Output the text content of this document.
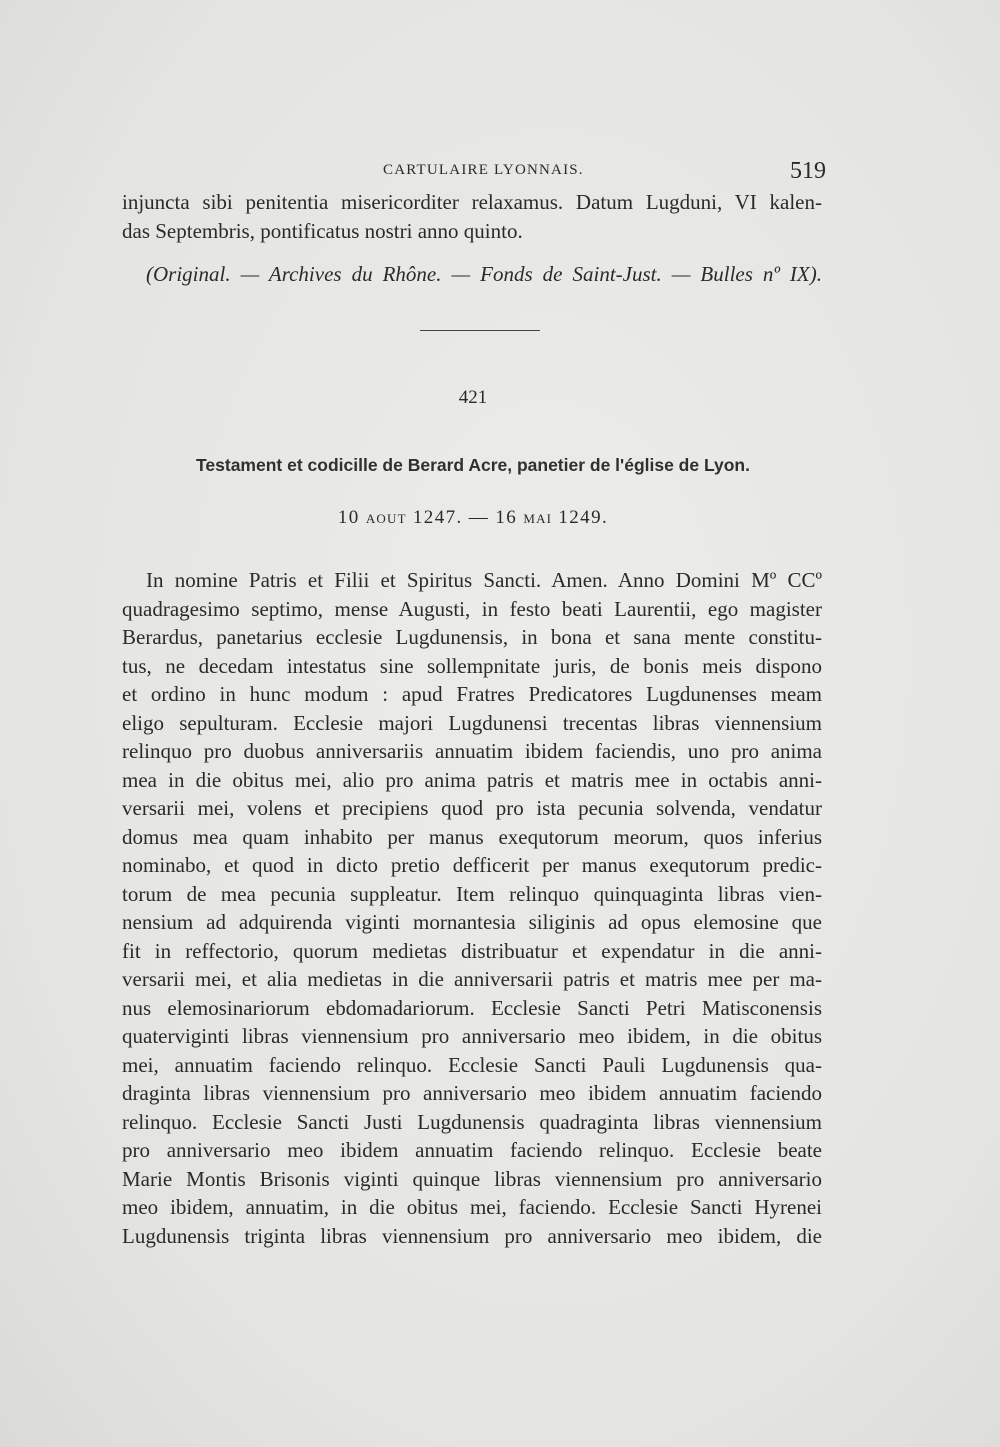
CARTULAIRE LYONNAIS.	519
injuncta sibi penitentia misericorditer relaxamus. Datum Lugduni, VI kalen-
das Septembris, pontificatus nostri anno quinto.
(Original. — Archives du Rhône. — Fonds de Saint-Just. — Bulles nº IX).
421
Testament et codicille de Berard Acre, panetier de l'église de Lyon.
10 AOUT 1247. — 16 MAI 1249.
In nomine Patris et Filii et Spiritus Sancti. Amen. Anno Domini Mº CCº
quadragesimo septimo, mense Augusti, in festo beati Laurentii, ego magister
Berardus, panetarius ecclesie Lugdunensis, in bona et sana mente constitu-
tus, ne decedam intestatus sine sollempnitate juris, de bonis meis dispono
et ordino in hunc modum : apud Fratres Predicatores Lugdunenses meam
eligo sepulturam. Ecclesie majori Lugdunensi trecentas libras viennensium
relinquo pro duobus anniversariis annuatim ibidem faciendis, uno pro anima
mea in die obitus mei, alio pro anima patris et matris mee in octabis anni-
versarii mei, volens et precipiens quod pro ista pecunia solvenda, vendatur
domus mea quam inhabito per manus exequtorum meorum, quos inferius
nominabo, et quod in dicto pretio defficerit per manus exequtorum predic-
torum de mea pecunia suppleatur. Item relinquo quinquaginta libras vien-
nensium ad adquirenda viginti mornantesia siliginis ad opus elemosine que
fit in reffectorio, quorum medietas distribuatur et expendatur in die anni-
versarii mei, et alia medietas in die anniversarii patris et matris mee per ma-
nus elemosinariorum ebdomadariorum. Ecclesie Sancti Petri Matisconensis
quaterviginti libras viennensium pro anniversario meo ibidem, in die obitus
mei, annuatim faciendo relinquo. Ecclesie Sancti Pauli Lugdunensis qua-
draginta libras viennensium pro anniversario meo ibidem annuatim faciendo
relinquo. Ecclesie Sancti Justi Lugdunensis quadraginta libras viennensium
pro anniversario meo ibidem annuatim faciendo relinquo. Ecclesie beate
Marie Montis Brisonis viginti quinque libras viennensium pro anniversario
meo ibidem, annuatim, in die obitus mei, faciendo. Ecclesie Sancti Hyrenei
Lugdunensis triginta libras viennensium pro anniversario meo ibidem, die
